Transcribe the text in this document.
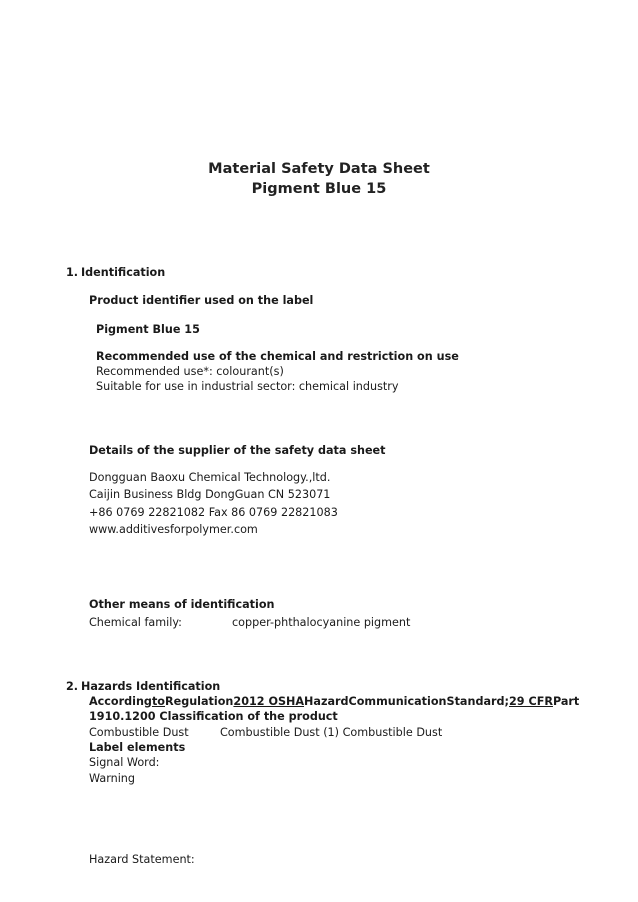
Material Safety Data Sheet
Pigment Blue 15
1. Identification
Product identifier used on the label
Pigment Blue 15
Recommended use of the chemical and restriction on use
Recommended use*: colourant(s)
Suitable for use in industrial sector: chemical industry
Details of the supplier of the safety data sheet
Dongguan Baoxu Chemical Technology.,ltd.
Caijin Business Bldg DongGuan CN 523071
+86 0769 22821082 Fax 86 0769 22821083
www.additivesforpolymer.com
Other means of identification
Chemical family:	copper-phthalocyanine pigment
2. Hazards Identification
According to Regulation 2012 OSHA Hazard Communication Standard; 29 CFR Part
1910.1200 Classification of the product
Combustible Dust	Combustible Dust (1) Combustible Dust
Label elements
Signal Word:
Warning
Hazard Statement:
